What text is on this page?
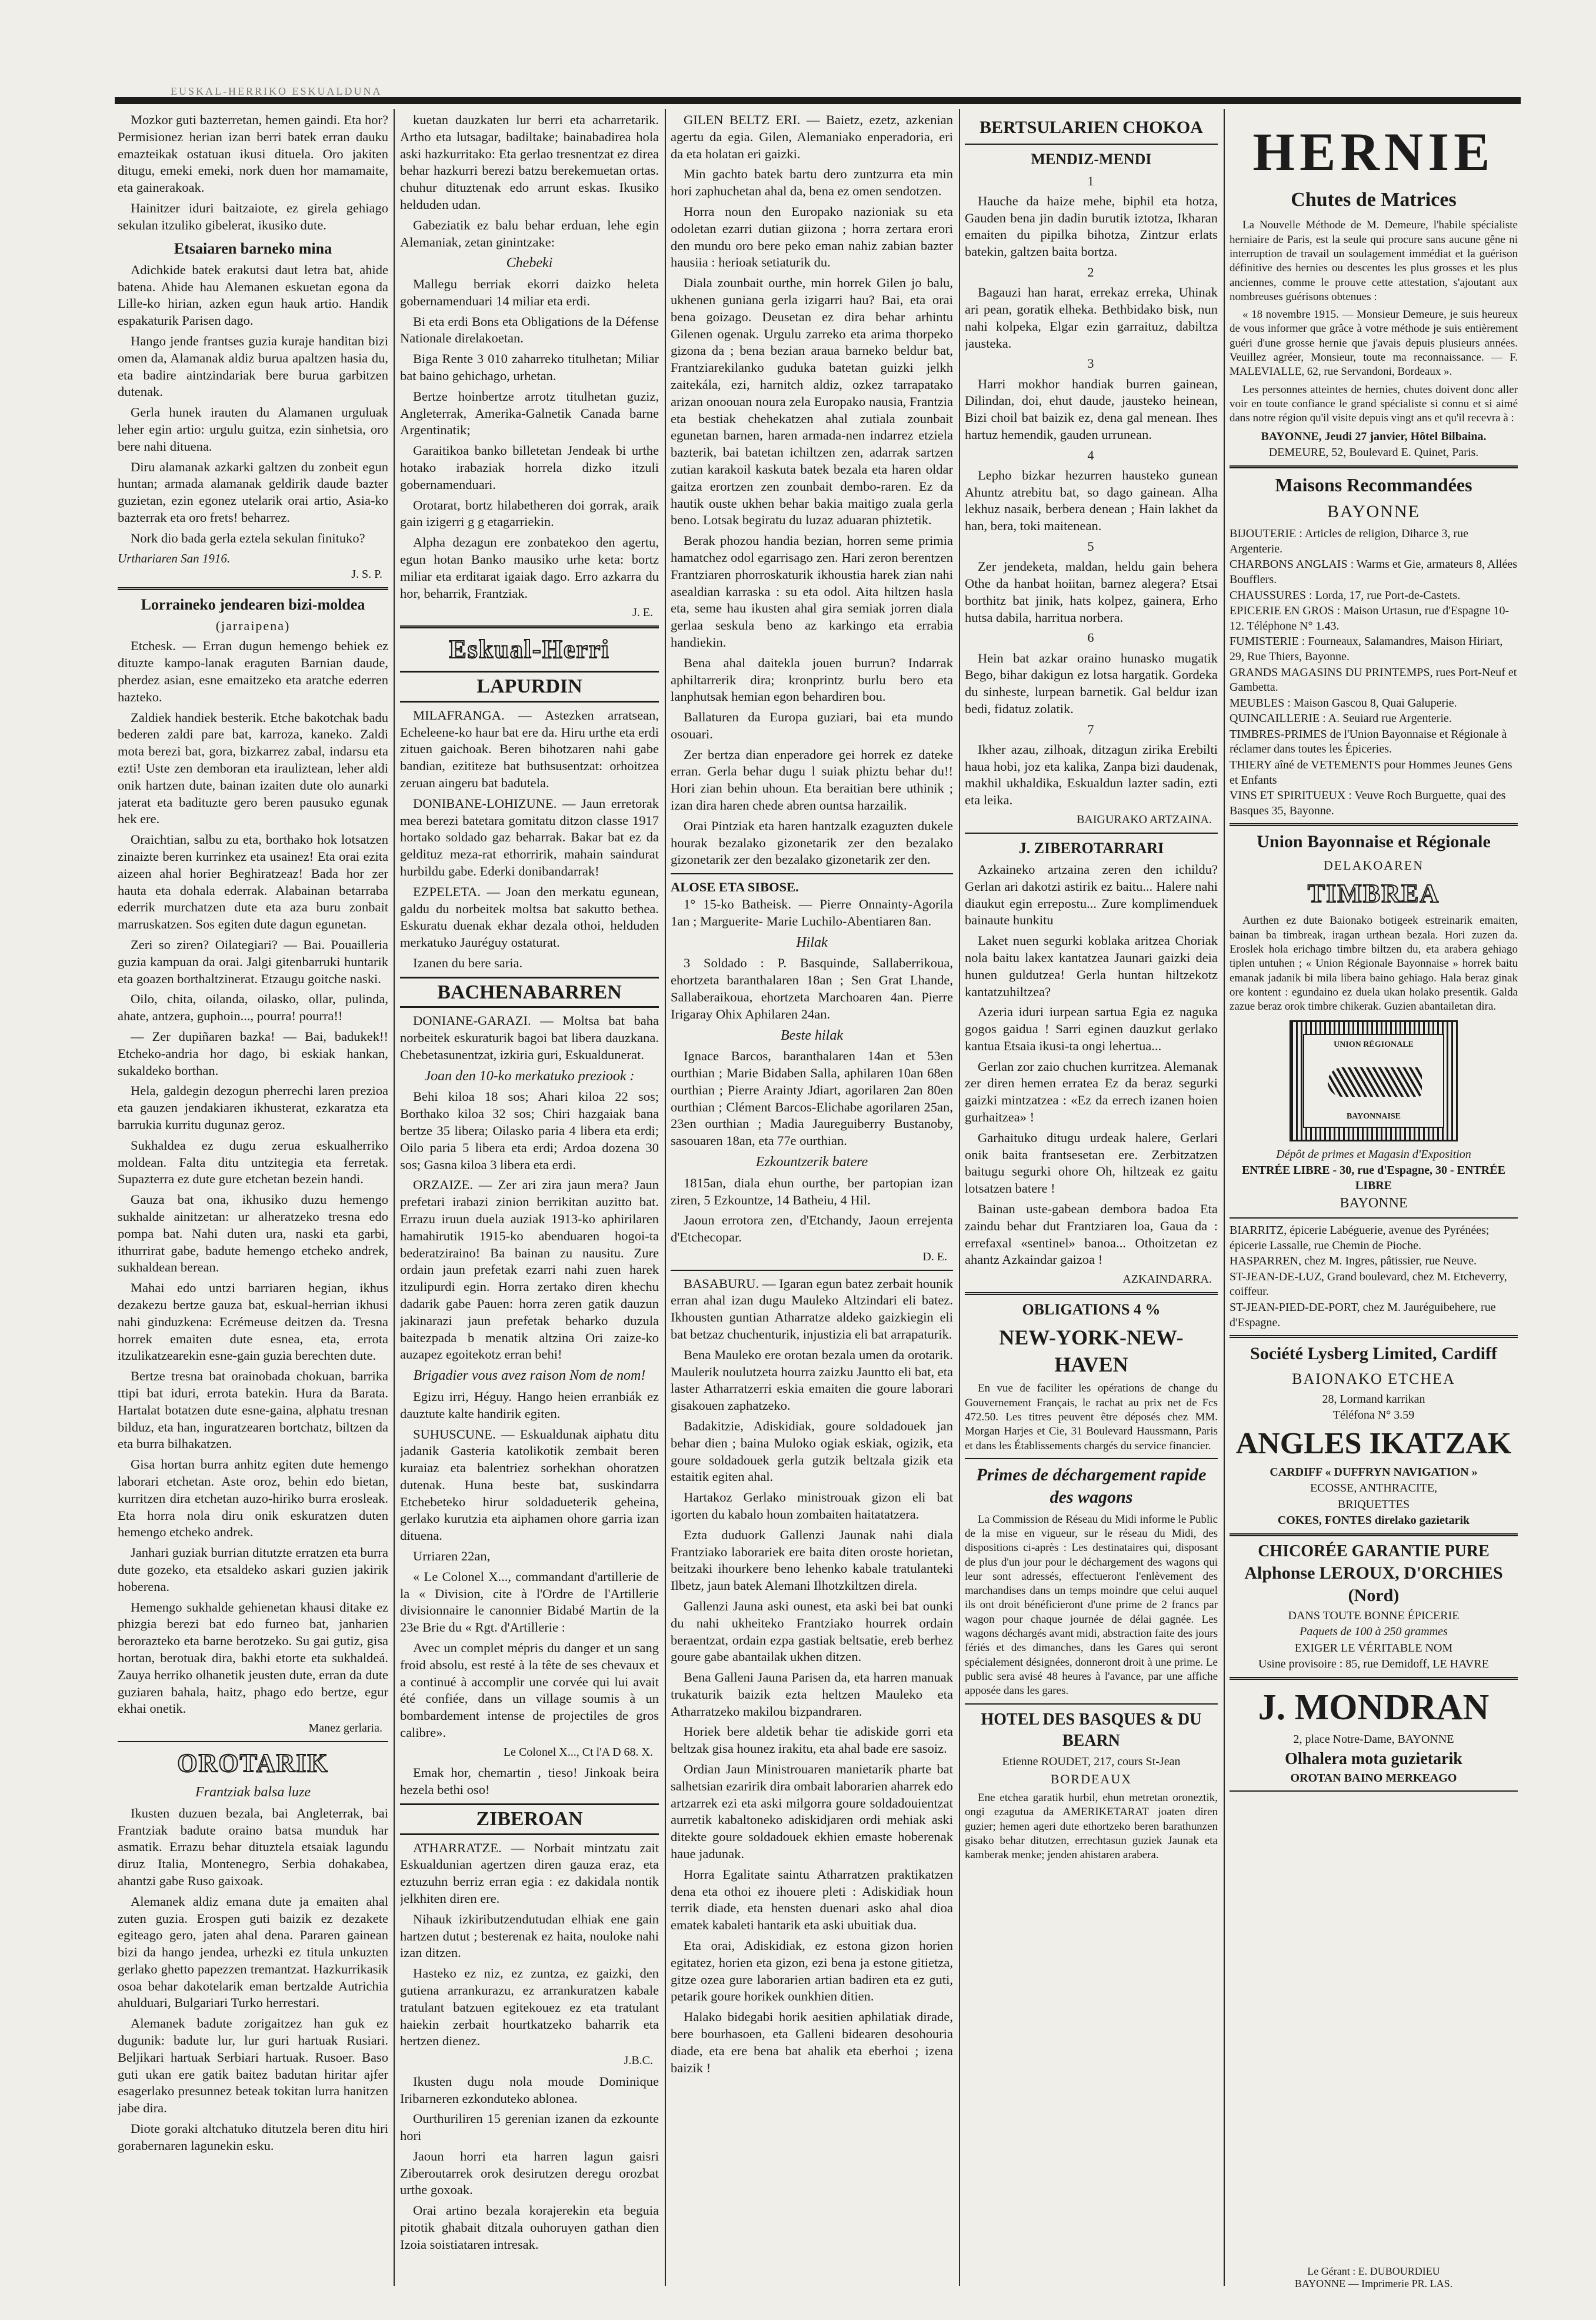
EUSKAL-HERRIKO ESKUALDUNA

Mozkor guti bazterretan, hemen gaindi. Eta hor? Permisionez herian izan berri batek erran dauku emazteikak ostatuan ikusi dituela. Oro jakiten ditugu, emeki emeki, nork duen hor mamamaite, eta gainerakoak.

Hainitzer iduri baitzaiote, ez girela gehiago sekulan itzuliko gibelerat, ikusiko dute.

Etsaiaren barneko mina

Adichkide batek erakutsi daut letra bat, ahide batena. Ahide hau Alemanen eskuetan egona da Lille-ko hirian, azken egun hauk artio. Handik espakaturik Parisen dago.

Hango jende frantses guzia kuraje handitan bizi omen da, Alamanak aldiz burua apaltzen hasia du, eta badire aintzindariak bere burua garbitzen dutenak.

Gerla hunek irauten du Alamanen urguluak leher egin artio: urgulu guitza, ezin sinhetsia, oro bere nahi dituena.

Diru alamanak azkarki galtzen du zonbeit egun huntan; armada alamanak geldirik daude bazter guzietan, ezin egonez utelarik orai artio, Asia-ko bazterrak eta oro frets! beharrez.

Nork dio bada gerla eztela sekulan finituko?

Urthariaren San 1916.
J. S. P.
Lorraineko jendearen bizi-moldea
(jarraipena)

Etchesk. — Erran dugun hemengo behiek ez dituzte kampo-lanak eraguten Barnian daude, pherdez asian, esne emaitzeko eta aratche ederren hazteko.

Zaldiek handiek besterik. Etche bakotchak badu bederen zaldi pare bat, karroza, kaneko. Zaldi mota berezi bat, gora, bizkarrez zabal, indarsu eta ezti! Uste zen demboran eta irauliztean, leher aldi onik hartzen dute, bainan izaiten dute olo aunarki jaterat eta badituzte gero beren pausuko egunak hek ere.

Oraichtian, salbu zu eta, borthako hok lotsatzen zinaizte beren kurrinkez eta usainez! Eta orai ezita aizeen ahal horier Beghiratzeaz! Bada hor zer hauta eta dohala ederrak. Alabainan betarraba ederrik murchatzen dute eta aza buru zonbait marruskatzen. Sos egiten dute dagun egunetan.

Zeri so ziren? Oilategiari? — Bai. Pouailleria guzia kampuan da orai. Jalgi gitenbarruki huntarik eta goazen borthaltzinerat. Etzaugu goitche naski.

Oilo, chita, oilanda, oilasko, ollar, pulinda, ahate, antzera, guphoin..., pourra! pourra!!

— Zer dupiñaren bazka! — Bai, badukek!! Etcheko-andria hor dago, bi eskiak hankan, sukaldeko borthan.

Hela, galdegin dezogun pherrechi laren prezioa eta gauzen jendakiaren ikhusterat, ezkaratza eta barrukia kurritu dugunaz geroz.

Sukhaldea ez dugu zerua eskualherriko moldean. Falta ditu untzitegia eta ferretak. Supazterra ez dute gure etchetan bezein handi.

Gauza bat ona, ikhusiko duzu hemengo sukhalde ainitzetan: ur alheratzeko tresna edo pompa bat. Nahi duten ura, naski eta garbi, ithurrirat gabe, badute hemengo etcheko andrek, sukhaldean berean.

Mahai edo untzi barriaren hegian, ikhus dezakezu bertze gauza bat, eskual-herrian ikhusi nahi ginduzkena: Ecrémeuse deitzen da. Tresna horrek emaiten dute esnea, eta, errota itzulikatzearekin esne-gain guzia berechten dute.

Bertze tresna bat orainobada chokuan, barrika ttipi bat iduri, errota batekin. Hura da Barata. Hartalat botatzen dute esne-gaina, alphatu tresnan bilduz, eta han, inguratzearen bortchatz, biltzen da eta burra bilhakatzen.

Gisa hortan burra anhitz egiten dute hemengo laborari etchetan. Aste oroz, behin edo bietan, kurritzen dira etchetan auzo-hiriko burra erosleak. Eta horra nola diru onik eskuratzen duten hemengo etcheko andrek.

Janhari guziak burrian ditutzte erratzen eta burra dute gozeko, eta etsaldeko askari guzien jakirik hoberena.

Hemengo sukhalde gehienetan khausi ditake ez phizgia berezi bat edo furneo bat, janharien berorazteko eta barne berotzeko. Su gai gutiz, gisa hortan, berotuak dira, bakhi etorte eta sukhaldeá. Zauya herriko olhanetik jeusten dute, erran da dute guziaren bahala, haitz, phago edo bertze, egur ekhai onetik.

Manez gerlaria.
OROTARIK
Frantziak balsa luze

Ikusten duzuen bezala, bai Angleterrak, bai Frantziak badute oraino batsa munduk har asmatik. Errazu behar dituztela etsaiak lagundu diruz Italia, Montenegro, Serbia dohakabea, ahantzi gabe Ruso gaixoak.

Alemanek aldiz emana dute ja emaiten ahal zuten guzia. Erospen guti baizik ez dezakete egiteago gero, jaten ahal dena. Pararen gainean bizi da hango jendea, urhezki ez titula unkuzten gerlako ghetto papezzen tremantzat. Hazkurrikasik osoa behar dakotelarik eman bertzalde Autrichia ahulduari, Bulgariari Turko herrestari.

Alemanek badute zorigaitzez han guk ez dugunik: badute lur, lur guri hartuak Rusiari. Beljikari hartuak Serbiari hartuak. Rusoer. Baso guti ukan ere gatik baitez badutan hiritar ajfer esagerlako presunnez beteak tokitan lurra hanitzen jabe dira.

Diote goraki altchatuko ditutzela beren ditu hiri gorabernaren lagunekin esku.

kuetan dauzkaten lur berri eta acharretarik. Artho eta lutsagar, badiltake; bainabadirea hola aski hazkurritako: Eta gerlao tresnentzat ez direa behar hazkurri berezi batzu berekemuetan ortas. chuhur dituztenak edo arrunt eskas. Ikusiko helduden udan.

Gabeziatik ez balu behar erduan, lehe egin Alemaniak, zetan ginintzake:

Chebeki

Mallegu berriak ekorri daizko heleta gobernamenduari 14 miliar eta erdi.

Bi eta erdi Bons eta Obligations de la Défense Nationale direlakoetan.

Biga Rente 3 010 zaharreko titulhetan; Miliar bat baino gehichago, urhetan.

Bertze hoinbertze arrotz titulhetan guziz, Angleterrak, Amerika-Galnetik Canada barne Argentinatik;

Garaitikoa banko billetetan Jendeak bi urthe hotako irabaziak horrela dizko itzuli gobernamenduari.

Orotarat, bortz hilabetheren doi gorrak, araik gain izigerri g g etagarriekin.

Alpha dezagun ere zonbatekoo den agertu, egun hotan Banko mausiko urhe keta: bortz miliar eta erditarat igaiak dago. Erro azkarra du hor, beharrik, Frantziak.

J. E.
Eskual-Herri
LAPURDIN

MILAFRANGA. — Astezken arratsean, Echeleene-ko haur bat ere da. Hiru urthe eta erdi zituen gaichoak. Beren bihotzaren nahi gabe bandian, ezititeze bat buthsusentzat: orhoitzea zeruan aingeru bat badutela.

DONIBANE-LOHIZUNE. — Jaun erretorak mea berezi batetara gomitatu ditzon classe 1917 hortako soldado gaz beharrak. Bakar bat ez da geldituz meza-rat ethorririk, mahain saindurat hurbildu gabe. Ederki donibandarrak!

EZPELETA. — Joan den merkatu egunean, galdu du norbeitek moltsa bat sakutto bethea. Eskuratu duenak ekhar dezala othoi, helduden merkatuko Jauréguy ostaturat.

Izanen du bere saria.

BACHENABARREN

DONIANE-GARAZI. — Moltsa bat baha norbeitek eskuraturik bagoi bat libera dauzkana. Chebetasunentzat, izkiria guri, Eskualdunerat.

Joan den 10-ko merkatuko preziook :

Behi kiloa 18 sos; Ahari kiloa 22 sos; Borthako kiloa 32 sos; Chiri hazgaiak bana bertze 35 libera; Oilasko paria 4 libera eta erdi; Oilo paria 5 libera eta erdi; Ardoa dozena 30 sos; Gasna kiloa 3 libera eta erdi.

ORZAIZE. — Zer ari zira jaun mera? Jaun prefetari irabazi zinion berrikitan auzitto bat. Errazu iruun duela auziak 1913-ko aphirilaren hamahirutik 1915-ko abenduaren hogoi-ta bederatziraino! Ba bainan zu nausitu. Zure ordain jaun prefetak ezarri nahi zuen harek itzulipurdi egin. Horra zertako diren khechu dadarik gabe Pauen: horra zeren gatik dauzun jakinarazi jaun prefetak beharko duzula baitezpada b menatik altzina Ori zaize-ko auzapez egoitekotz erran behi!

Brigadier vous avez raison Nom de nom!

Egizu irri, Héguy. Hango heien erranbiák ez dauztute kalte handirik egiten.

SUHUSCUNE. — Eskualdunak aiphatu ditu jadanik Gasteria katolikotik zembait beren kuraiaz eta balentriez sorhekhan ohoratzen dutenak. Huna beste bat, suskindarra Etchebeteko hirur soldadueterik geheina, gerlako kurutzia eta aiphamen ohore garria izan dituena.

Urriaren 22an,

« Le Colonel X..., commandant d'artillerie de la « Division, cite à l'Ordre de l'Artillerie divisionnaire le canonnier Bidabé Martin de la 23e Brie du « Rgt. d'Artillerie :

Avec un complet mépris du danger et un sang froid absolu, est resté à la tête de ses chevaux et a continué à accomplir une corvée qui lui avait été confiée, dans un village soumis à un bombardement intense de projectiles de gros calibre».

Le Colonel X..., Ct l'A D 68. X.

Emak hor, chemartin , tieso! Jinkoak beira hezela bethi oso!

ZIBEROAN

ATHARRATZE. — Norbait mintzatu zait Eskualdunian agertzen diren gauza eraz, eta eztuzuhn berriz erran egia : ez dakidala nontik jelkhiten diren ere.

Nihauk izkiributzendutudan elhiak ene gain hartzen dutut ; besterenak ez haita, nouloke nahi izan ditzen.

Hasteko ez niz, ez zuntza, ez gaizki, den gutiena arrankurazu, ez arrankuratzen kabale tratulant batzuen egitekouez ez eta tratulant haiekin zerbait hourtkatzeko baharrik eta hertzen dienez.

J.B.C.

Ikusten dugu nola moude Dominique Iribarneren ezkonduteko ablonea.

Ourthuriliren 15 gerenian izanen da ezkounte hori

Jaoun horri eta harren lagun gaisri Ziberoutarrek orok desirutzen deregu orozbat urthe goxoak.

Orai artino bezala korajerekin eta beguia pitotik ghabait ditzala ouhoruyen gathan dien Izoia soistiataren intresak.

GILEN BELTZ ERI. — Baietz, ezetz, azkenian agertu da egia. Gilen, Alemaniako enperadoria, eri da eta holatan eri gaizki.

Min gachto batek bartu dero zuntzurra eta min hori zaphuchetan ahal da, bena ez omen sendotzen.

Horra noun den Europako nazioniak su eta odoletan ezarri dutian giizona ; horra zertara erori den mundu oro bere peko eman nahiz zabian bazter hausiia : herioak setiaturik du.

Diala zounbait ourthe, min horrek Gilen jo balu, ukhenen guniana gerla izigarri hau? Bai, eta orai bena goizago. Deusetan ez dira behar arhintu Gilenen ogenak. Urgulu zarreko eta arima thorpeko gizona da ; bena bezian araua barneko beldur bat, Frantziarekilanko guduka batetan guizki jelkh zaitekála, ezi, harnitch aldiz, ozkez tarrapatako arizan onoouan noura zela Europako nausia, Frantzia eta bestiak chehekatzen ahal zutiala zounbait egunetan barnen, haren armada-nen indarrez etziela bazterik, bai batetan ichiltzen zen, adarrak sartzen zutian karakoil kaskuta batek bezala eta haren oldar gaitza erortzen zen zounbait dembo-raren. Ez da hautik ouste ukhen behar bakia maitigo zuala gerla beno. Lotsak begiratu du luzaz aduaran phiztetik.

Berak phozou handia bezian, horren seme primia hamatchez odol egarrisago zen. Hari zeron berentzen Frantziaren phorroskaturik ikhoustia harek zian nahi asealdian karraska : su eta odol. Aita hiltzen hasla eta, seme hau ikusten ahal gira semiak jorren diala gerlaa seskula beno az karkingo eta errabia handiekin.

Bena ahal daitekla jouen burrun? Indarrak aphiltarrerik dira; kronprintz burlu bero eta lanphutsak hemian egon behardiren bou.

Ballaturen da Europa guziari, bai eta mundo osouari.

Zer bertza dian enperadore gei horrek ez dateke erran. Gerla behar dugu l suiak phiztu behar du!! Hori zian behin uhoun. Eta beraitian bere uthinik ; izan dira haren chede abren ountsa harzailik.

Orai Pintziak eta haren hantzalk ezaguzten dukele hourak bezalako gizonetarik zer den bezalako gizonetarik zer den bezalako gizonetarik zer den.

ALOSE ETA SIBOSE.

1° 15-ko Batheisk. — Pierre Onnainty-Agorila 1an ; Marguerite- Marie Luchilo-Abentiaren 8an.

Hilak

3 Soldado : P. Basquinde, Sallaberrikoua, ehortzeta baranthalaren 18an ; Sen Grat Lhande, Sallaberaikoua, ehortzeta Marchoaren 4an. Pierre Irigaray Ohix Aphilaren 24an.

Beste hilak

Ignace Barcos, baranthalaren 14an et 53en ourthian ; Marie Bidaben Salla, aphilaren 10an 68en ourthian ; Pierre Arainty Jdiart, agorilaren 2an 80en ourthian ; Clément Barcos-Elichabe agorilaren 25an, 23en ourthian ; Madia Jaureguiberry Bustanoby, sasouaren 18an, eta 77e ourthian.

Ezkountzerik batere

1815an, diala ehun ourthe, ber partopian izan ziren, 5 Ezkountze, 14 Batheiu, 4 Hil.

Jaoun errotora zen, d'Etchandy, Jaoun errejenta d'Etchecopar.

D. E.

BASABURU. — Igaran egun batez zerbait hounik erran ahal izan dugu Mauleko Altzindari eli batez. Ikhousten guntian Atharratze aldeko gaizkiegin eli bat betzaz chuchenturik, injustizia eli bat arrapaturik.

Bena Mauleko ere orotan bezala umen da orotarik. Maulerik noulutzeta hourra zaizku Jauntto eli bat, eta laster Atharratzerri eskia emaiten die goure laborari gisakouen zaphatzeko.

Badakitzie, Adiskidiak, goure soldadouek jan behar dien ; baina Muloko ogiak eskiak, ogizik, eta goure soldadouek gerla gutzik beltzala gizik eta estaitik egiten ahal.

Hartakoz Gerlako ministrouak gizon eli bat igorten du kabalo houn zombaiten haitatatzera.

Ezta duduork Gallenzi Jaunak nahi diala Frantziako laborariek ere baita diten oroste horietan, beitzaki ihourkere beno lehenko kabale tratulanteki Ilbetz, jaun batek Alemani Ilhotzkiltzen direla.

Gallenzi Jauna aski ounest, eta aski bei bat ounki du nahi ukheiteko Frantziako hourrek ordain beraentzat, ordain ezpa gastiak beltsatie, ereb berhez goure gabe abantailak ukhen ditzen.

Bena Galleni Jauna Parisen da, eta harren manuak trukaturik baizik ezta heltzen Mauleko eta Atharratzeko makilou bizpandraren.

Horiek bere aldetik behar tie adiskide gorri eta beltzak gisa hounez irakitu, eta ahal bade ere sasoiz.

Ordian Jaun Ministrouaren manietarik pharte bat salhetsian ezaririk dira ombait laborarien aharrek edo artzarrek ezi eta aski milgorra goure soldadouientzat aurretik kabaltoneko adiskidjaren ordi mehiak aski ditekte goure soldadouek ekhien emaste hoberenak haue jadunak.

Horra Egalitate saintu Atharratzen praktikatzen dena eta othoi ez ihouere pleti : Adiskidiak houn terrik diade, eta hensten duenari asko ahal dioa ematek kabaleti hantarik eta aski ubuitiak dua.

Eta orai, Adiskidiak, ez estona gizon horien egitatez, horien eta gizon, ezi bena ja estone gitietza, gitze ozea gure laborarien artian badiren eta ez guti, petarik goure horikek ounkhien ditien.

Halako bidegabi horik aesitien aphilatiak dirade, bere bourhasoen, eta Galleni bidearen desohouria diade, eta ere bena bat ahalik eta eberhoi ; izena baizik !

BERTSULARIEN CHOKOA
MENDIZ-MENDI
1

Hauche da haize mehe, biphil eta hotza, Gauden bena jin dadin burutik iztotza, Ikharan emaiten du pipilka bihotza, Zintzur erlats batekin, galtzen baita bortza.

2

Bagauzi han harat, errekaz erreka, Uhinak ari pean, goratik elheka. Bethbidako bisk, nun nahi kolpeka, Elgar ezin garraituz, dabiltza jausteka.

3

Harri mokhor handiak burren gainean, Dilindan, doi, ehut daude, jausteko heinean, Bizi choil bat baizik ez, dena gal menean. Ihes hartuz hemendik, gauden urrunean.

4

Lepho bizkar hezurren hausteko gunean Ahuntz atrebitu bat, so dago gainean. Alha lekhuz nasaik, berbera denean ; Hain lakhet da han, bera, toki maitenean.

5

Zer jendeketa, maldan, heldu gain behera Othe da hanbat hoiitan, barnez alegera? Etsai borthitz bat jinik, hats kolpez, gainera, Erho hutsa dabila, harritua norbera.

6

Hein bat azkar oraino hunasko mugatik Bego, bihar dakigun ez lotsa hargatik. Gordeka du sinheste, lurpean barnetik. Gal beldur izan bedi, fidatuz zolatik.

7

Ikher azau, zilhoak, ditzagun zirika Erebilti haua hobi, joz eta kalika, Zanpa bizi daudenak, makhil ukhaldika, Eskualdun lazter sadin, ezti eta leika.

BAIGURAKO ARTZAINA.
J. ZIBEROTARRARI

Azkaineko artzaina zeren den ichildu? Gerlan ari dakotzi astirik ez baitu... Halere nahi diaukut egin errepostu... Zure komplimenduek bainaute hunkitu

Laket nuen segurki koblaka aritzea Choriak nola baitu lakex kantatzea Jaunari gaizki deia hunen guldutzea! Gerla huntan hiltzekotz kantatzuhiltzea?

Azeria iduri iurpean sartua Egia ez naguka gogos gaidua ! Sarri eginen dauzkut gerlako kantua Etsaia ikusi-ta ongi lehertua...

Gerlan zor zaio chuchen kurritzea. Alemanak zer diren hemen erratea Ez da beraz segurki gaizki mintzatzea : «Ez da errech izanen hoien gurhaitzea» !

Garhaituko ditugu urdeak halere, Gerlari onik baita frantsesetan ere. Zerbitzatzen baitugu segurki ohore Oh, hiltzeak ez gaitu lotsatzen batere !

Bainan uste-gabean dembora badoa Eta zaindu behar dut Frantziaren loa, Gaua da : errefaxal «sentinel» banoa... Othoitzetan ez ahantz Azkaindar gaizoa !

AZKAINDARRA.
OBLIGATIONS 4 %
NEW-YORK-NEW-HAVEN

En vue de faciliter les opérations de change du Gouvernement Français, le rachat au prix net de Fcs 472.50. Les titres peuvent être déposés chez MM. Morgan Harjes et Cie, 31 Boulevard Haussmann, Paris et dans les Établissements chargés du service financier.

Primes de déchargement rapide des wagons

La Commission de Réseau du Midi informe le Public de la mise en vigueur, sur le réseau du Midi, des dispositions ci-après : Les destinataires qui, disposant de plus d'un jour pour le déchargement des wagons qui leur sont adressés, effectueront l'enlèvement des marchandises dans un temps moindre que celui auquel ils ont droit bénéficieront d'une prime de 2 francs par wagon pour chaque journée de délai gagnée. Les wagons déchargés avant midi, abstraction faite des jours fériés et des dimanches, dans les Gares qui seront spécialement désignées, donneront droit à une prime. Le public sera avisé 48 heures à l'avance, par une affiche apposée dans les gares.

HOTEL DES BASQUES & DU BEARN
Etienne ROUDET, 217, cours St-Jean
BORDEAUX

Ene etchea garatik hurbil, ehun metretan oroneztik, ongi ezagutua da AMERIKETARAT joaten diren guzier; hemen ageri dute ethortzeko beren barathunzen gisako behar ditutzen, errechtasun guziek Jaunak eta kamberak menke; jenden ahistaren arabera.

HERNIE
Chutes de Matrices

La Nouvelle Méthode de M. Demeure, l'habile spécialiste herniaire de Paris, est la seule qui procure sans aucune gêne ni interruption de travail un soulagement immédiat et la guérison définitive des hernies ou descentes les plus grosses et les plus anciennes, comme le prouve cette attestation, s'ajoutant aux nombreuses guérisons obtenues :

« 18 novembre 1915. — Monsieur Demeure, je suis heureux de vous informer que grâce à votre méthode je suis entièrement guéri d'une grosse hernie que j'avais depuis plusieurs années. Veuillez agréer, Monsieur, toute ma reconnaissance. — F. MALEVIALLE, 62, rue Servandoni, Bordeaux ».

Les personnes atteintes de hernies, chutes doivent donc aller voir en toute confiance le grand spécialiste si connu et si aimé dans notre région qu'il visite depuis vingt ans et qu'il recevra à :

BAYONNE, Jeudi 27 janvier, Hôtel Bilbaina.
DEMEURE, 52, Boulevard E. Quinet, Paris.
Maisons Recommandées
BAYONNE
BIJOUTERIE : Articles de religion, Diharce 3, rue Argenterie.
CHARBONS ANGLAIS : Warms et Gie, armateurs 8, Allées Boufflers.
CHAUSSURES : Lorda, 17, rue Port-de-Castets.
EPICERIE EN GROS : Maison Urtasun, rue d'Espagne 10-12. Téléphone N° 1.43.
FUMISTERIE : Fourneaux, Salamandres, Maison Hiriart, 29, Rue Thiers, Bayonne.
GRANDS MAGASINS DU PRINTEMPS, rues Port-Neuf et Gambetta.
MEUBLES : Maison Gascou 8, Quai Galuperie.
QUINCAILLERIE : A. Seuiard rue Argenterie.
TIMBRES-PRIMES de l'Union Bayonnaise et Régionale à réclamer dans toutes les Épiceries.
THIERY aîné de VETEMENTS pour Hommes Jeunes Gens et Enfants
VINS ET SPIRITUEUX : Veuve Roch Burguette, quai des Basques 35, Bayonne.
Union Bayonnaise et Régionale
DELAKOAREN
TIMBREA

Aurthen ez dute Baionako botigeek estreinarik emaiten, bainan ba timbreak, iragan urthean bezala. Hori zuzen da. Eroslek hola erichago timbre biltzen du, eta arabera gehiago tiplen untuhen ; « Union Régionale Bayonnaise » horrek baitu emanak jadanik bi mila libera baino gehiago. Hala beraz ginak ore kontent : egundaino ez duela ukan holako presentik. Galda zazue beraz orok timbre chikerak. Guzien abantailetan dira.

UNION RÉGIONALE
BAYONNAISE
Dépôt de primes et Magasin d'Exposition
ENTRÉE LIBRE - 30, rue d'Espagne, 30 - ENTRÉE LIBRE
BAYONNE
BIARRITZ, épicerie Labéguerie, avenue des Pyrénées; épicerie Lassalle, rue Chemin de Pioche.
HASPARREN, chez M. Ingres, pâtissier, rue Neuve.
ST-JEAN-DE-LUZ, Grand boulevard, chez M. Etcheverry, coiffeur.
ST-JEAN-PIED-DE-PORT, chez M. Jauréguibehere, rue d'Espagne.
Société Lysberg Limited, Cardiff
BAIONAKO ETCHEA
28, Lormand karrikan
Téléfona N° 3.59
ANGLES IKATZAK
CARDIFF « DUFFRYN NAVIGATION »
ECOSSE, ANTHRACITE,
BRIQUETTES
COKES, FONTES direlako gazietarik
CHICORÉE GARANTIE PURE
Alphonse LEROUX, D'ORCHIES (Nord)
DANS TOUTE BONNE ÉPICERIE
Paquets de 100 à 250 grammes
EXIGER LE VÉRITABLE NOM
Usine provisoire : 85, rue Demidoff, LE HAVRE
J. MONDRAN
2, place Notre-Dame, BAYONNE
Olhalera mota guzietarik
OROTAN BAINO MERKEAGO
Le Gérant : E. DUBOURDIEU
BAYONNE — Imprimerie PR. LAS.
